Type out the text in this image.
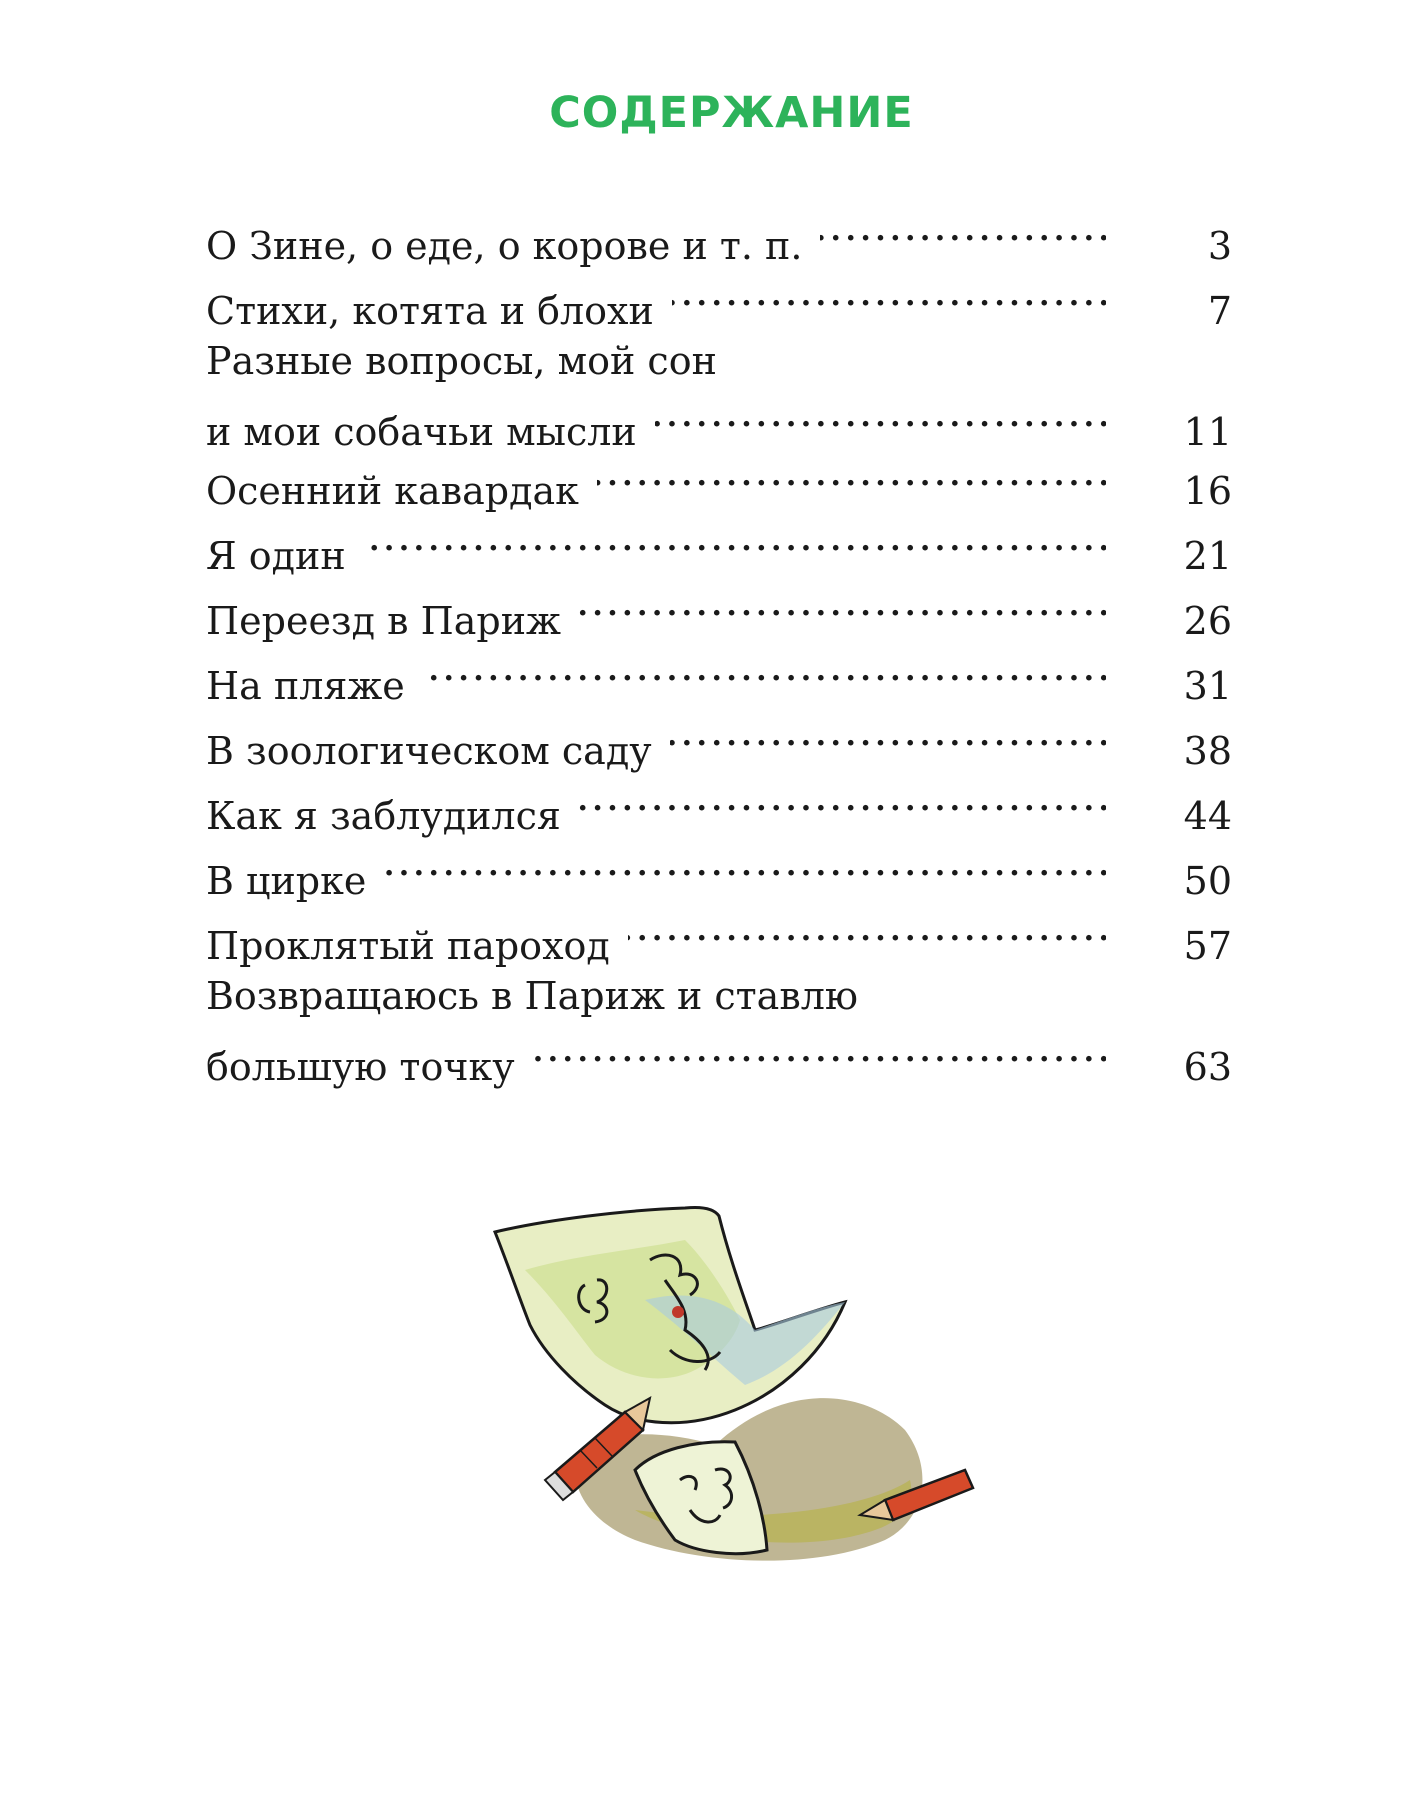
СОДЕРЖАНИЕ
О Зине, о еде, о корове и т. п. . . .	3
Стихи, котята и блохи . . .	7
Разные вопросы, мой сон
и мои собачьи мысли . . .	11
Осенний кавардак . . .	16
Я один . . .	21
Переезд в Париж . . .	26
На пляже . . .	31
В зоологическом саду . . .	38
Как я заблудился . . .	44
В цирке . . .	50
Проклятый пароход . . .	57
Возвращаюсь в Париж и ставлю
большую точку . . .	63
